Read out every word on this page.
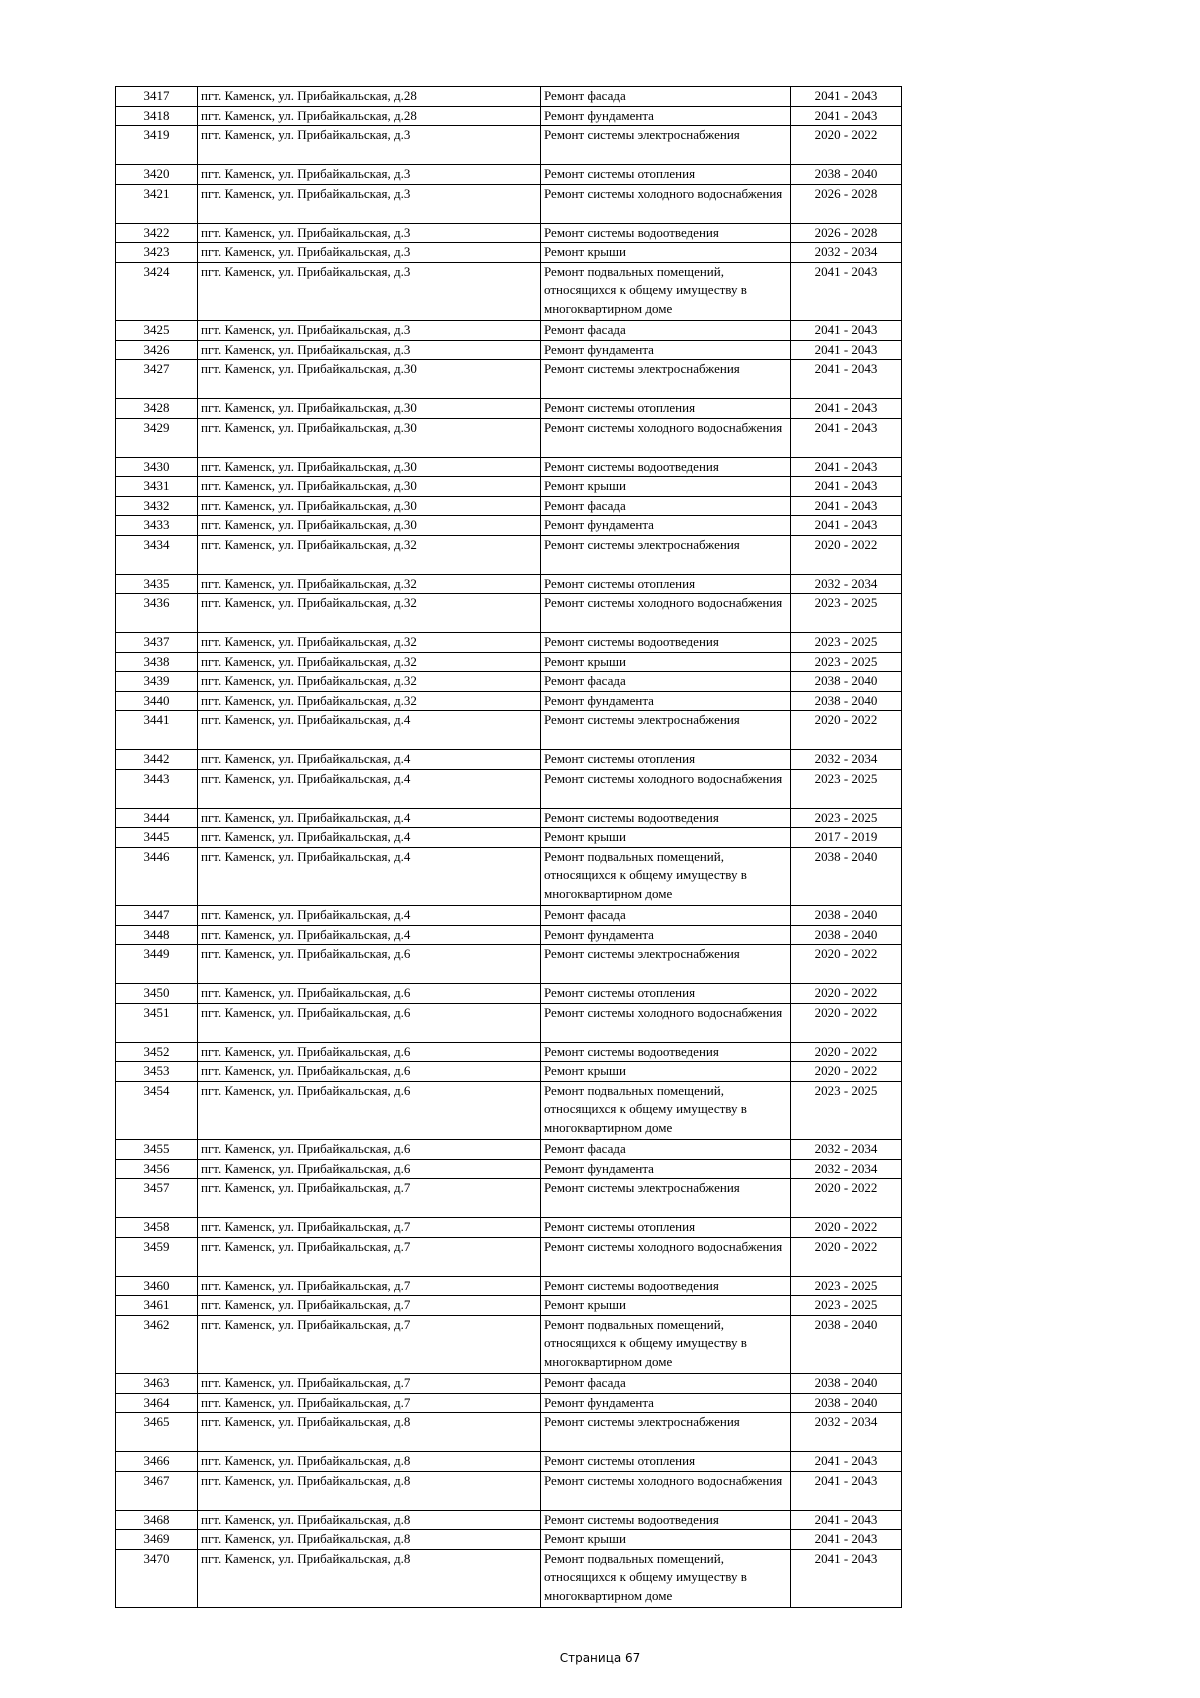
3417	пгт. Каменск, ул. Прибайкальская, д.28	Ремонт фасада	2041 - 2043
3418	пгт. Каменск, ул. Прибайкальская, д.28	Ремонт фундамента	2041 - 2043
3419	пгт. Каменск, ул. Прибайкальская, д.3	Ремонт системы электроснабжения	2020 - 2022
3420	пгт. Каменск, ул. Прибайкальская, д.3	Ремонт системы отопления	2038 - 2040
3421	пгт. Каменск, ул. Прибайкальская, д.3	Ремонт системы холодного водоснабжения	2026 - 2028
3422	пгт. Каменск, ул. Прибайкальская, д.3	Ремонт системы водоотведения	2026 - 2028
3423	пгт. Каменск, ул. Прибайкальская, д.3	Ремонт крыши	2032 - 2034
3424	пгт. Каменск, ул. Прибайкальская, д.3	Ремонт подвальных помещений, относящихся к общему имуществу в многоквартирном доме	2041 - 2043
3425	пгт. Каменск, ул. Прибайкальская, д.3	Ремонт фасада	2041 - 2043
3426	пгт. Каменск, ул. Прибайкальская, д.3	Ремонт фундамента	2041 - 2043
3427	пгт. Каменск, ул. Прибайкальская, д.30	Ремонт системы электроснабжения	2041 - 2043
3428	пгт. Каменск, ул. Прибайкальская, д.30	Ремонт системы отопления	2041 - 2043
3429	пгт. Каменск, ул. Прибайкальская, д.30	Ремонт системы холодного водоснабжения	2041 - 2043
3430	пгт. Каменск, ул. Прибайкальская, д.30	Ремонт системы водоотведения	2041 - 2043
3431	пгт. Каменск, ул. Прибайкальская, д.30	Ремонт крыши	2041 - 2043
3432	пгт. Каменск, ул. Прибайкальская, д.30	Ремонт фасада	2041 - 2043
3433	пгт. Каменск, ул. Прибайкальская, д.30	Ремонт фундамента	2041 - 2043
3434	пгт. Каменск, ул. Прибайкальская, д.32	Ремонт системы электроснабжения	2020 - 2022
3435	пгт. Каменск, ул. Прибайкальская, д.32	Ремонт системы отопления	2032 - 2034
3436	пгт. Каменск, ул. Прибайкальская, д.32	Ремонт системы холодного водоснабжения	2023 - 2025
3437	пгт. Каменск, ул. Прибайкальская, д.32	Ремонт системы водоотведения	2023 - 2025
3438	пгт. Каменск, ул. Прибайкальская, д.32	Ремонт крыши	2023 - 2025
3439	пгт. Каменск, ул. Прибайкальская, д.32	Ремонт фасада	2038 - 2040
3440	пгт. Каменск, ул. Прибайкальская, д.32	Ремонт фундамента	2038 - 2040
3441	пгт. Каменск, ул. Прибайкальская, д.4	Ремонт системы электроснабжения	2020 - 2022
3442	пгт. Каменск, ул. Прибайкальская, д.4	Ремонт системы отопления	2032 - 2034
3443	пгт. Каменск, ул. Прибайкальская, д.4	Ремонт системы холодного водоснабжения	2023 - 2025
3444	пгт. Каменск, ул. Прибайкальская, д.4	Ремонт системы водоотведения	2023 - 2025
3445	пгт. Каменск, ул. Прибайкальская, д.4	Ремонт крыши	2017 - 2019
3446	пгт. Каменск, ул. Прибайкальская, д.4	Ремонт подвальных помещений, относящихся к общему имуществу в многоквартирном доме	2038 - 2040
3447	пгт. Каменск, ул. Прибайкальская, д.4	Ремонт фасада	2038 - 2040
3448	пгт. Каменск, ул. Прибайкальская, д.4	Ремонт фундамента	2038 - 2040
3449	пгт. Каменск, ул. Прибайкальская, д.6	Ремонт системы электроснабжения	2020 - 2022
3450	пгт. Каменск, ул. Прибайкальская, д.6	Ремонт системы отопления	2020 - 2022
3451	пгт. Каменск, ул. Прибайкальская, д.6	Ремонт системы холодного водоснабжения	2020 - 2022
3452	пгт. Каменск, ул. Прибайкальская, д.6	Ремонт системы водоотведения	2020 - 2022
3453	пгт. Каменск, ул. Прибайкальская, д.6	Ремонт крыши	2020 - 2022
3454	пгт. Каменск, ул. Прибайкальская, д.6	Ремонт подвальных помещений, относящихся к общему имуществу в многоквартирном доме	2023 - 2025
3455	пгт. Каменск, ул. Прибайкальская, д.6	Ремонт фасада	2032 - 2034
3456	пгт. Каменск, ул. Прибайкальская, д.6	Ремонт фундамента	2032 - 2034
3457	пгт. Каменск, ул. Прибайкальская, д.7	Ремонт системы электроснабжения	2020 - 2022
3458	пгт. Каменск, ул. Прибайкальская, д.7	Ремонт системы отопления	2020 - 2022
3459	пгт. Каменск, ул. Прибайкальская, д.7	Ремонт системы холодного водоснабжения	2020 - 2022
3460	пгт. Каменск, ул. Прибайкальская, д.7	Ремонт системы водоотведения	2023 - 2025
3461	пгт. Каменск, ул. Прибайкальская, д.7	Ремонт крыши	2023 - 2025
3462	пгт. Каменск, ул. Прибайкальская, д.7	Ремонт подвальных помещений, относящихся к общему имуществу в многоквартирном доме	2038 - 2040
3463	пгт. Каменск, ул. Прибайкальская, д.7	Ремонт фасада	2038 - 2040
3464	пгт. Каменск, ул. Прибайкальская, д.7	Ремонт фундамента	2038 - 2040
3465	пгт. Каменск, ул. Прибайкальская, д.8	Ремонт системы электроснабжения	2032 - 2034
3466	пгт. Каменск, ул. Прибайкальская, д.8	Ремонт системы отопления	2041 - 2043
3467	пгт. Каменск, ул. Прибайкальская, д.8	Ремонт системы холодного водоснабжения	2041 - 2043
3468	пгт. Каменск, ул. Прибайкальская, д.8	Ремонт системы водоотведения	2041 - 2043
3469	пгт. Каменск, ул. Прибайкальская, д.8	Ремонт крыши	2041 - 2043
3470	пгт. Каменск, ул. Прибайкальская, д.8	Ремонт подвальных помещений, относящихся к общему имуществу в многоквартирном доме	2041 - 2043
Страница 67
